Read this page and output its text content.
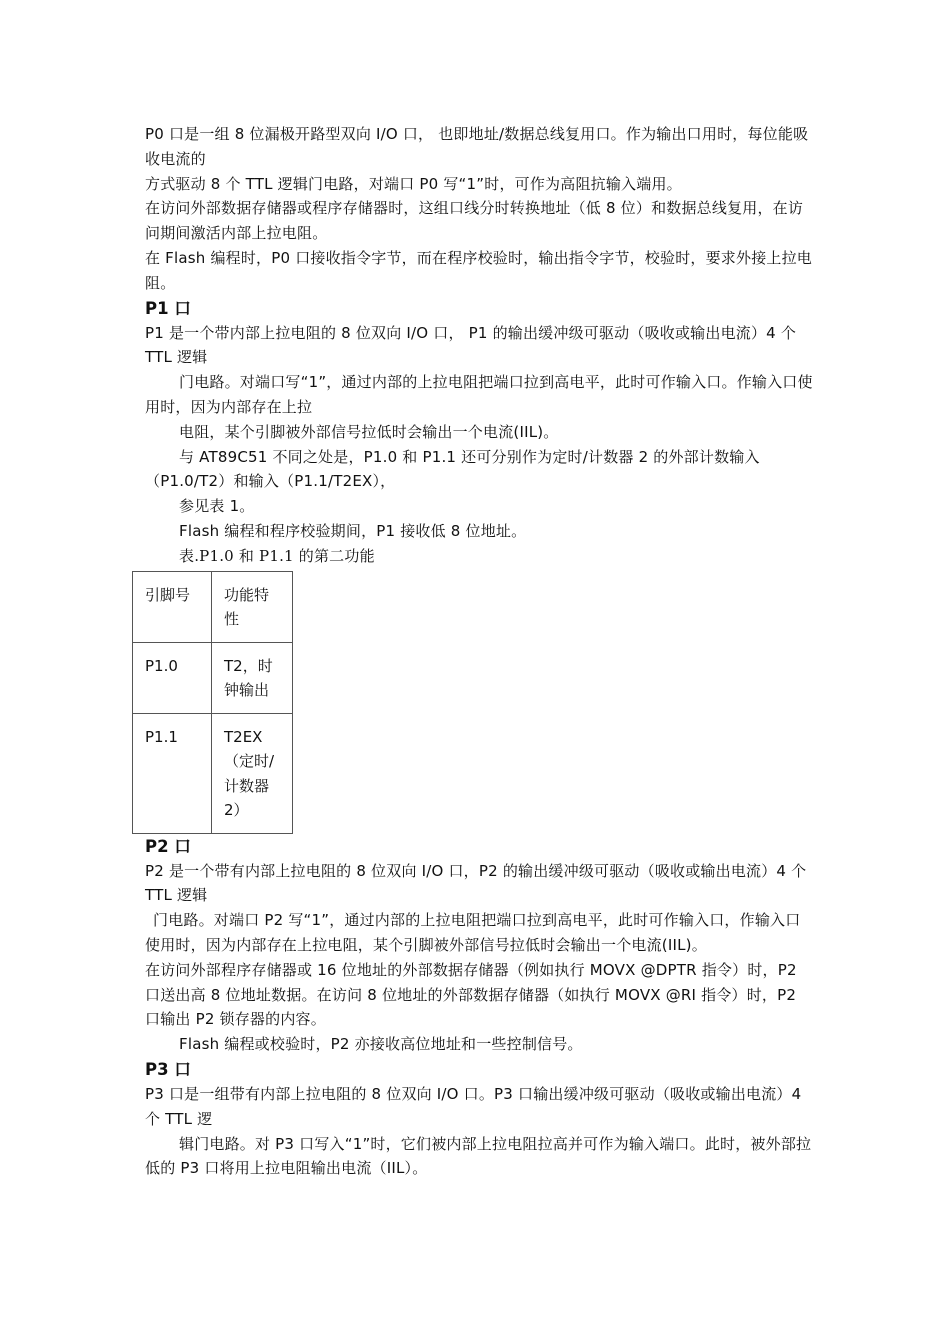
P0 口是一组 8 位漏极开路型双向 I/O 口， 也即地址/数据总线复用口。作为输出口用时，每位能吸收电流的

方式驱动 8 个 TTL 逻辑门电路，对端口 P0 写“1”时，可作为高阻抗输入端用。

在访问外部数据存储器或程序存储器时，这组口线分时转换地址（低 8 位）和数据总线复用，在访问期间激活内部上拉电阻。

在 Flash 编程时，P0 口接收指令字节，而在程序校验时，输出指令字节，校验时，要求外接上拉电阻。

P1 口

P1 是一个带内部上拉电阻的 8 位双向 I/O 口， P1 的输出缓冲级可驱动（吸收或输出电流）4 个 TTL 逻辑

门电路。对端口写“1”，通过内部的上拉电阻把端口拉到高电平，此时可作输入口。作输入口使用时，因为内部存在上拉

电阻，某个引脚被外部信号拉低时会输出一个电流(IIL)。

与 AT89C51 不同之处是，P1.0 和 P1.1 还可分别作为定时/计数器 2 的外部计数输入（P1.0/T2）和输入（P1.1/T2EX），

参见表 1。

Flash 编程和程序校验期间，P1 接收低 8 位地址。

表.P1.0 和 P1.1 的第二功能

引脚号	功能特性
P1.0	T2，时钟输出
P1.1	T2EX（定时/计数器 2）
P2 口

P2 是一个带有内部上拉电阻的 8 位双向 I/O 口，P2 的输出缓冲级可驱动（吸收或输出电流）4 个 TTL 逻辑

门电路。对端口 P2 写“1”，通过内部的上拉电阻把端口拉到高电平，此时可作输入口，作输入口使用时，因为内部存在上拉电阻，某个引脚被外部信号拉低时会输出一个电流(IIL)。

在访问外部程序存储器或 16 位地址的外部数据存储器（例如执行 MOVX @DPTR 指令）时，P2 口送出高 8 位地址数据。在访问 8 位地址的外部数据存储器（如执行 MOVX @RI 指令）时，P2 口输出 P2 锁存器的内容。

Flash 编程或校验时，P2 亦接收高位地址和一些控制信号。

P3 口

P3 口是一组带有内部上拉电阻的 8 位双向 I/O 口。P3 口输出缓冲级可驱动（吸收或输出电流）4 个 TTL 逻

辑门电路。对 P3 口写入“1”时，它们被内部上拉电阻拉高并可作为输入端口。此时，被外部拉低的 P3 口将用上拉电阻输出电流（IIL）。
